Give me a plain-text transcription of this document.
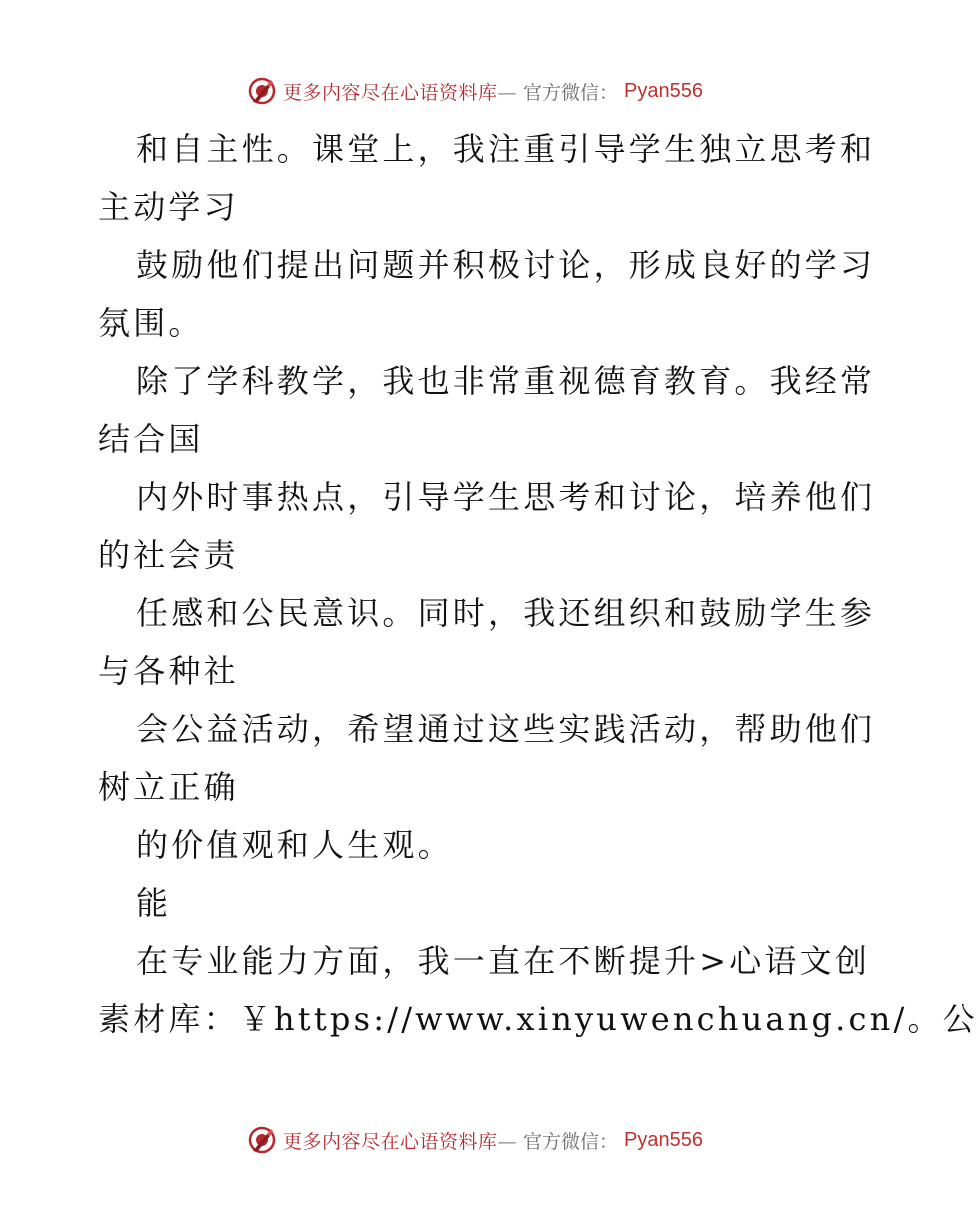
更多内容尽在心语资料库— 官方微信： Pyan556
和自主性。课堂上，我注重引导学生独立思考和
主动学习
鼓励他们提出问题并积极讨论，形成良好的学习
氛围。
除了学科教学，我也非常重视德育教育。我经常
结合国
内外时事热点，引导学生思考和讨论，培养他们
的社会责
任感和公民意识。同时，我还组织和鼓励学生参
与各种社
会公益活动，希望通过这些实践活动，帮助他们
树立正确
的价值观和人生观。
能
在专业能力方面，我一直在不断提升>心语文创
素材库：￥https://www.xinyuwenchuang.cn/。公
更多内容尽在心语资料库— 官方微信： Pyan556
